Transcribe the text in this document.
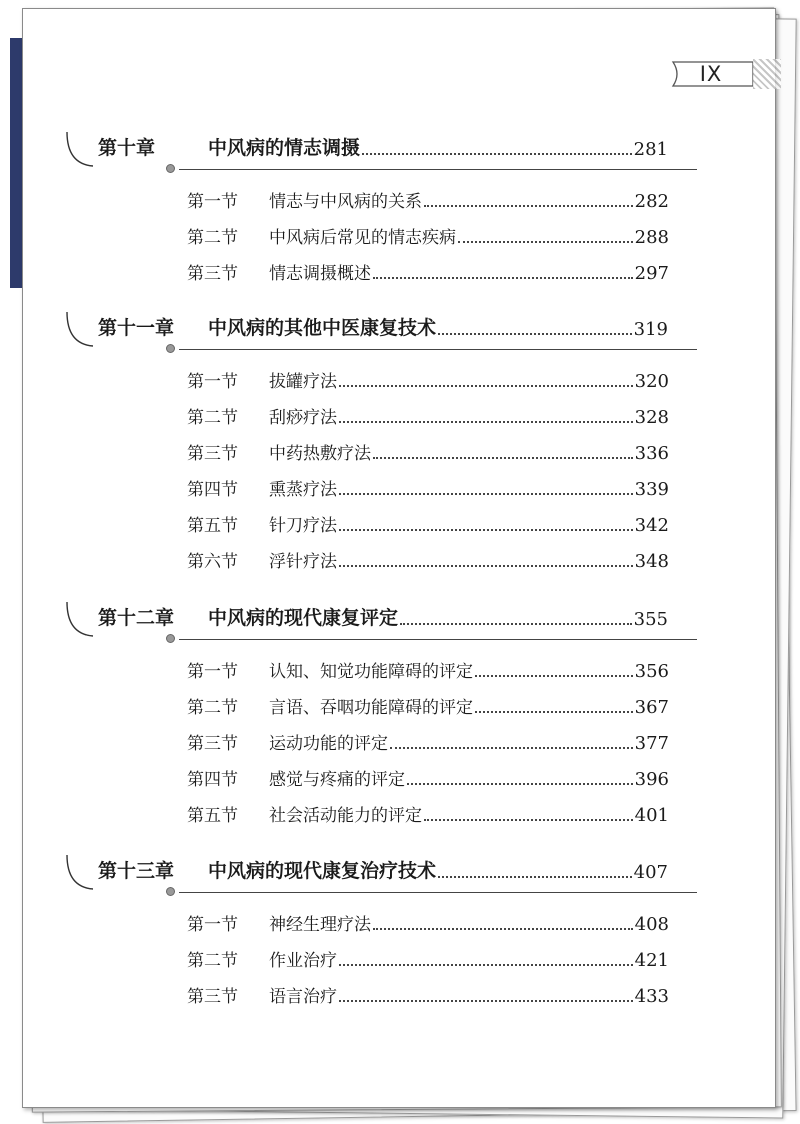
IX
第十章	中风病的情志调摄	281
第一节	情志与中风病的关系	282
第二节	中风病后常见的情志疾病	288
第三节	情志调摄概述	297
第十一章	中风病的其他中医康复技术	319
第一节	拔罐疗法	320
第二节	刮痧疗法	328
第三节	中药热敷疗法	336
第四节	熏蒸疗法	339
第五节	针刀疗法	342
第六节	浮针疗法	348
第十二章	中风病的现代康复评定	355
第一节	认知、知觉功能障碍的评定	356
第二节	言语、吞咽功能障碍的评定	367
第三节	运动功能的评定	377
第四节	感觉与疼痛的评定	396
第五节	社会活动能力的评定	401
第十三章	中风病的现代康复治疗技术	407
第一节	神经生理疗法	408
第二节	作业治疗	421
第三节	语言治疗	433
